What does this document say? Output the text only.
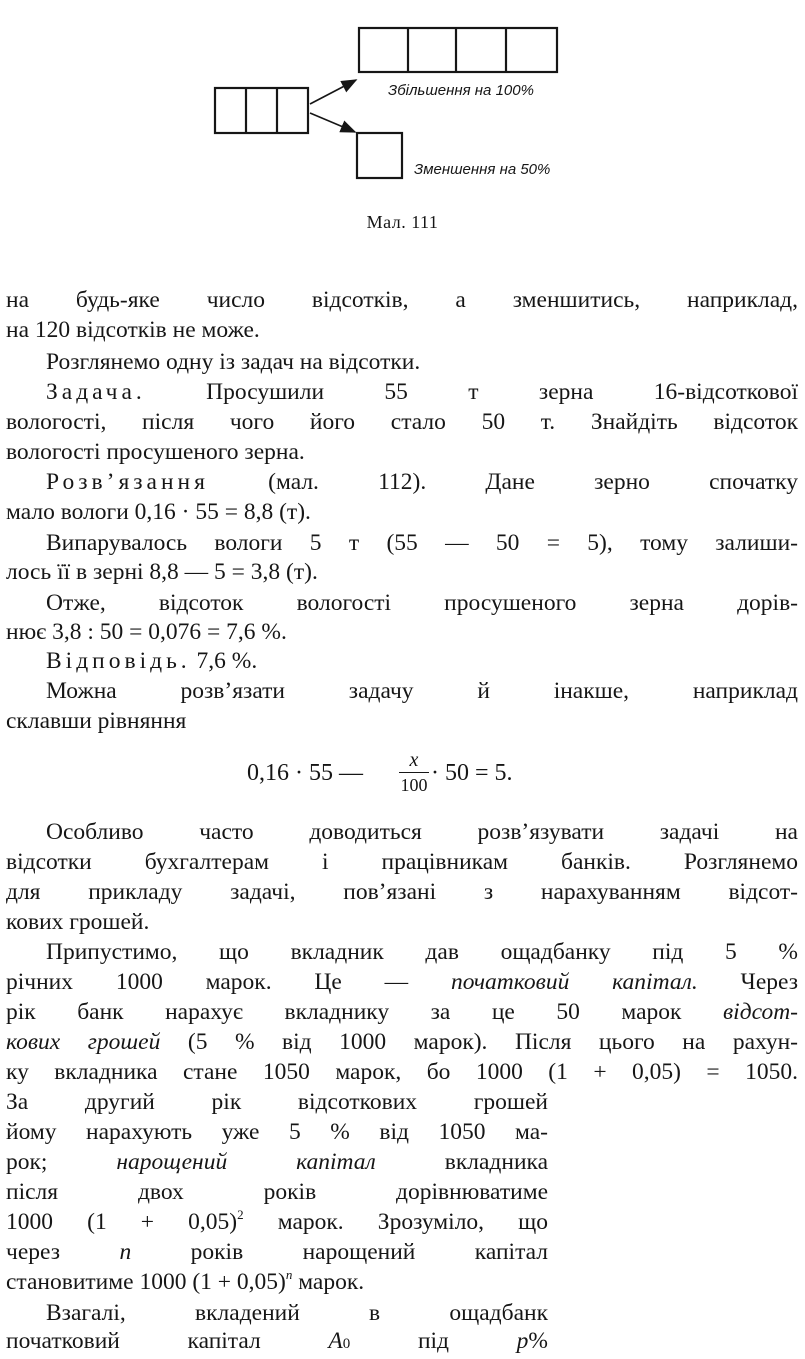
Збільшення на 100%
Зменшення на 50%
Мал. 111
на будь-яке число відсотків, а зменшитись, наприклад,
на 120 відсотків не може.
Розглянемо одну із задач на відсотки.
Задача.	Просушили 55 т зерна 16-відсоткової
вологості, після чого його стало 50 т. Знайдіть відсоток
вологості просушеного зерна.
Розв’язання	(мал. 112). Дане зерно спочатку
мало вологи 0,16 · 55 = 8,8 (т).
Випарувалось вологи 5 т (55 — 50 = 5), тому залиши-
лось її в зерні 8,8 — 5 = 3,8 (т).
Отже, відсоток вологості просушеного зерна дорів-
нює 3,8 : 50 = 0,076 = 7,6 %.
Відповідь. 7,6 %.
Можна розв’язати задачу й інакше, наприклад
склавши рівняння
0,16 · 55 —	x
100 · 50 = 5.
Особливо часто доводиться розв’язувати задачі на
відсотки бухгалтерам і працівникам банків. Розглянемо
для прикладу задачі, пов’язані з нарахуванням відсот-
кових грошей.
Припустимо, що вкладник дав ощадбанку під 5 %
річних 1000 марок. Це — початковий капітал. Через
рік банк нарахує вкладнику за це 50 марок відсот-
кових грошей (5 % від 1000 марок). Після цього на рахун-
ку вкладника стане 1050 марок, бо 1000 (1 + 0,05) = 1050.
За другий рік відсоткових грошей
йому нарахують уже 5 % від 1050 ма-
рок;	нарощений капітал	вкладника
після двох років дорівнюватиме
1000 $(1 + 0,05)^2$ марок. Зрозуміло, що
через	n	років нарощений капітал
становитиме 1000 $(1 + 0,05)^n$ марок.
Взагалі, вкладений в ощадбанк
початковий капітал	A0	під	p%
